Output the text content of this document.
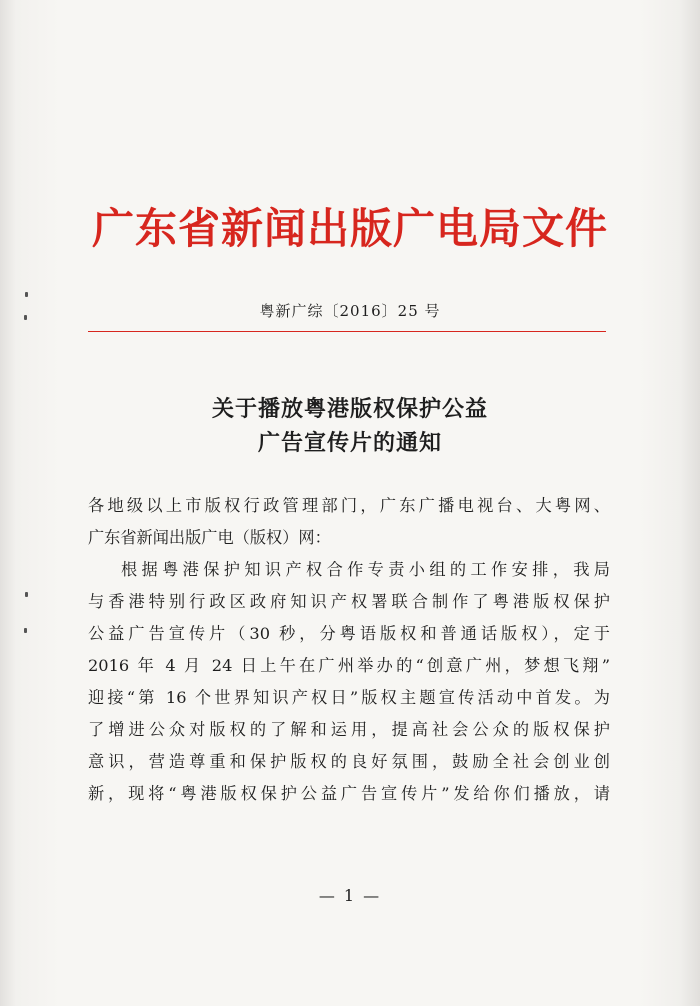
广东省新闻出版广电局文件
粤新广综〔2016〕25 号
关于播放粤港版权保护公益
广告宣传片的通知

各地级以上市版权行政管理部门，广东广播电视台、大粤网、
广东省新闻出版广电（版权）网：

根据粤港保护知识产权合作专责小组的工作安排，我局
与香港特别行政区政府知识产权署联合制作了粤港版权保护
公益广告宣传片（30 秒，分粤语版权和普通话版权），定于
2016 年 4 月 24 日上午在广州举办的“创意广州，梦想飞翔”
迎接“第 16 个世界知识产权日”版权主题宣传活动中首发。为
了增进公众对版权的了解和运用，提高社会公众的版权保护
意识，营造尊重和保护版权的良好氛围，鼓励全社会创业创
新，现将“粤港版权保护公益广告宣传片”发给你们播放，请

— 1 —
